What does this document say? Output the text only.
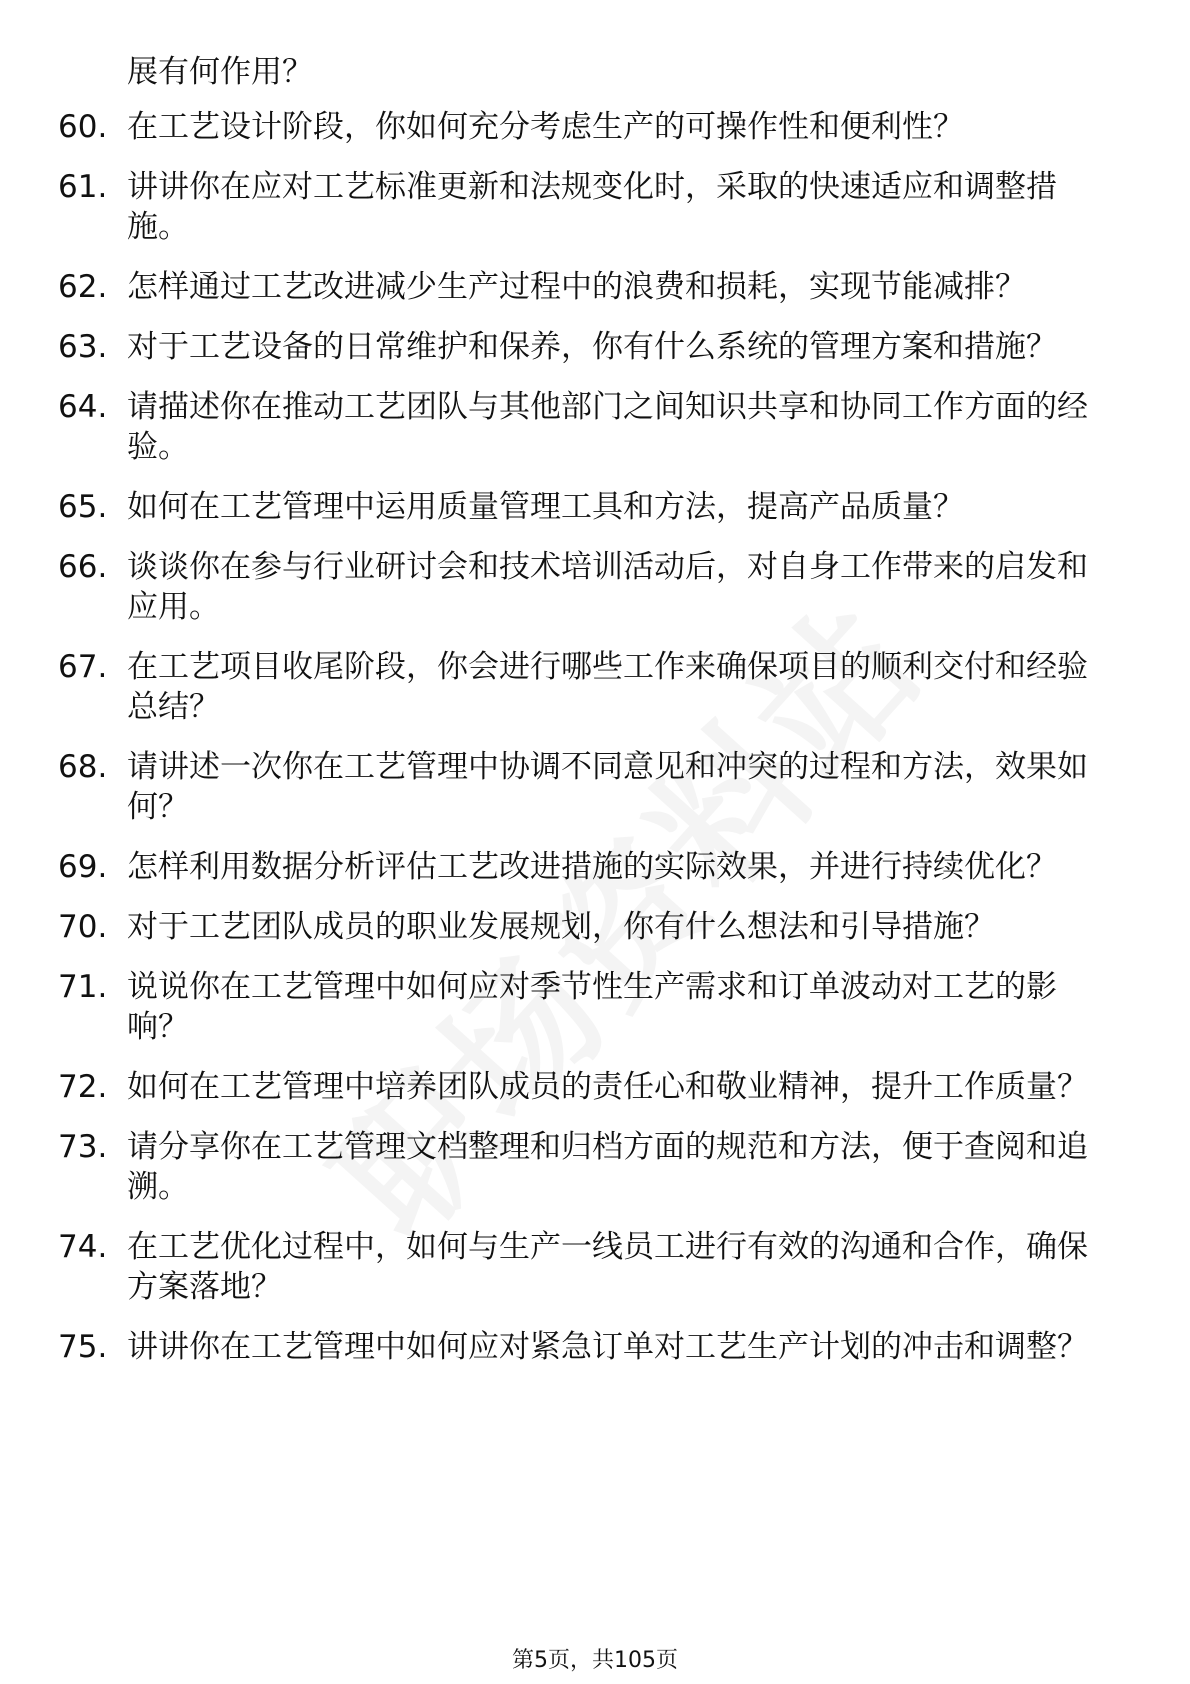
展有何作用？
60. 在工艺设计阶段，你如何充分考虑生产的可操作性和便利性？
61. 讲讲你在应对工艺标准更新和法规变化时，采取的快速适应和调整措施。
62. 怎样通过工艺改进减少生产过程中的浪费和损耗，实现节能减排？
63. 对于工艺设备的日常维护和保养，你有什么系统的管理方案和措施？
64. 请描述你在推动工艺团队与其他部门之间知识共享和协同工作方面的经验。
65. 如何在工艺管理中运用质量管理工具和方法，提高产品质量？
66. 谈谈你在参与行业研讨会和技术培训活动后，对自身工作带来的启发和应用。
67. 在工艺项目收尾阶段，你会进行哪些工作来确保项目的顺利交付和经验总结？
68. 请讲述一次你在工艺管理中协调不同意见和冲突的过程和方法，效果如何？
69. 怎样利用数据分析评估工艺改进措施的实际效果，并进行持续优化？
70. 对于工艺团队成员的职业发展规划，你有什么想法和引导措施？
71. 说说你在工艺管理中如何应对季节性生产需求和订单波动对工艺的影响？
72. 如何在工艺管理中培养团队成员的责任心和敬业精神，提升工作质量？
73. 请分享你在工艺管理文档整理和归档方面的规范和方法，便于查阅和追溯。
74. 在工艺优化过程中，如何与生产一线员工进行有效的沟通和合作，确保方案落地？
75. 讲讲你在工艺管理中如何应对紧急订单对工艺生产计划的冲击和调整？
第5页，共105页
